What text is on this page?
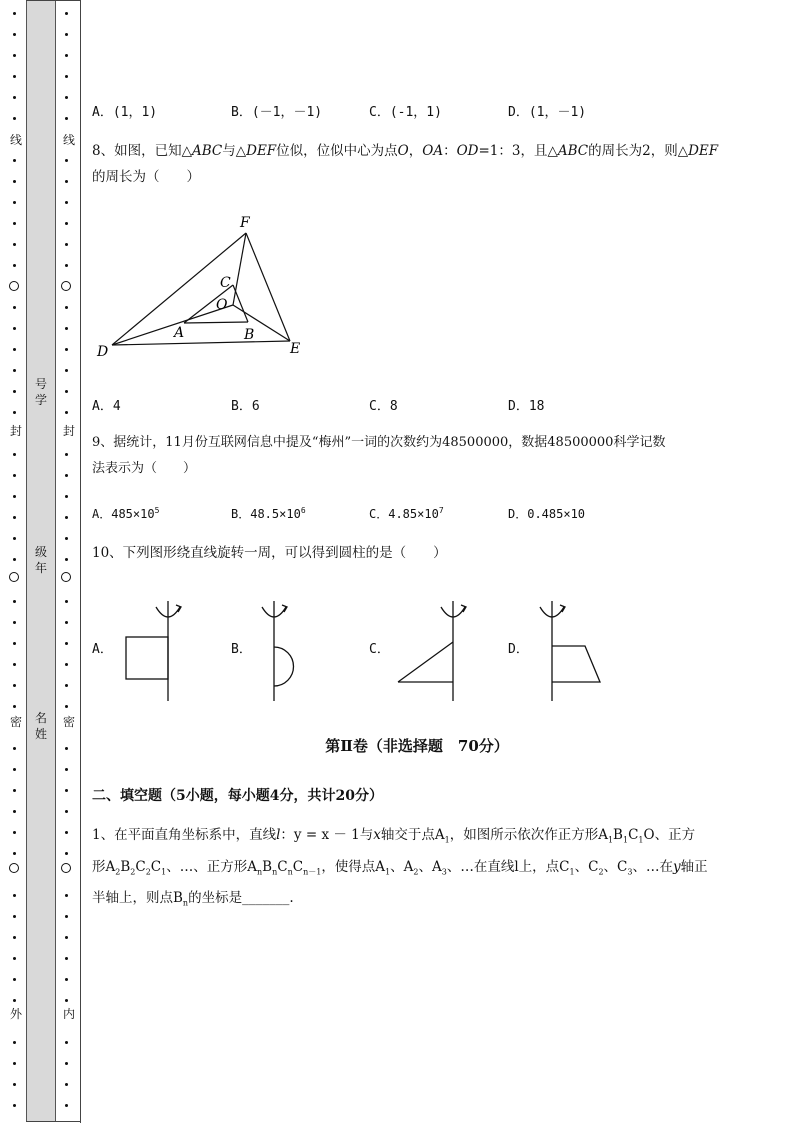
线
封
密
外
线
封
密
内
号学
级年
名姓
A．(1，1)	B．(－1，－1)	C．(-1，1)	D．(1，－1)
8、如图，已知△ABC与△DEF位似，位似中心为点O，OA：OD=1：3，且△ABC的周长为2，则△DEF
的周长为（　　）
F
C
O
A	B
D	E
A．4	B．6	C．8	D．18
9、据统计，11月份互联网信息中提及“梅州”一词的次数约为48500000，数据48500000科学记数
法表示为（　　）
A．$485\times 10^5$	B．$48.5\times 10^6$	C．$4.85\times 10^7$	D．0.485×10
10、下列图形绕直线旋转一周，可以得到圆柱的是（　　）
A．	B．	C．	D．
第Ⅱ卷（非选择题　70分）
二、填空题（5小题，每小题4分，共计20分）
1、在平面直角坐标系中，直线l：y = x － 1与x轴交于点$A_1$，如图所示依次作正方形$A_1B_1C_1O$、正方
形$A_2B_2C_2C_1$、…、正方形$A_nB_nC_nC_{n-1}$，使得点$A_1$、$A_2$、$A_3$、…在直线l上，点$C_1$、$C_2$、$C_3$、…在y轴正
半轴上，则点$B_n$的坐标是_______.
